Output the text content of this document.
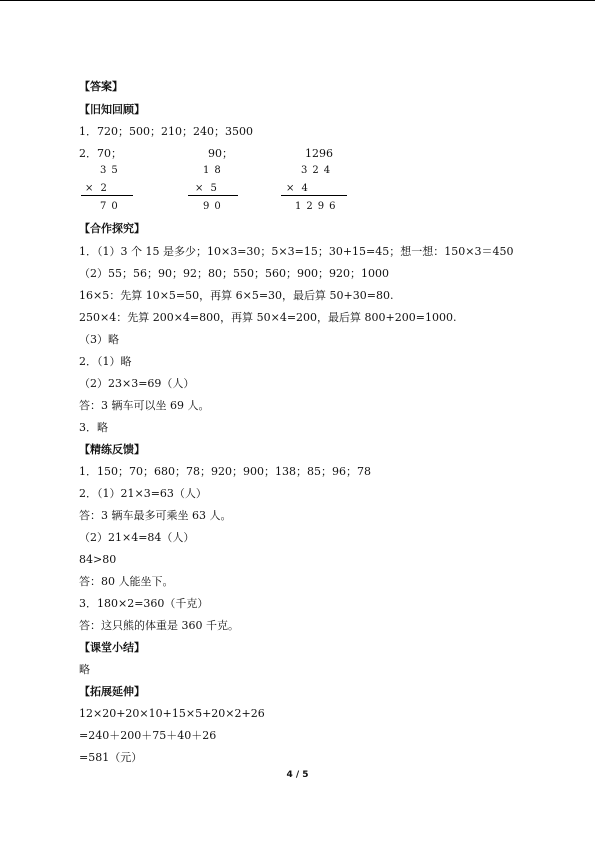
【答案】
【旧知回顾】
1．720；500；210；240；3500
2．70；	90；	1296
35
× 2
70
18
× 5
90
324
× 4
1296
【合作探究】
1．（1）3 个 15 是多少；10×3=30；5×3=15；30+15=45；想一想：150×3＝450
（2）55；56；90；92；80；550；560；900；920；1000
16×5：先算 10×5=50，再算 6×5=30，最后算 50+30=80.
250×4：先算 200×4=800，再算 50×4=200，最后算 800+200=1000.
（3）略
2．（1）略
（2）23×3=69（人）
答：3 辆车可以坐 69 人。
3．略
【精练反馈】
1．150；70；680；78；920；900；138；85；96；78
2．（1）21×3=63（人）
答：3 辆车最多可乘坐 63 人。
（2）21×4=84（人）
84>80
答：80 人能坐下。
3．180×2=360（千克）
答：这只熊的体重是 360 千克。
【课堂小结】
略
【拓展延伸】
12×20+20×10+15×5+20×2+26
=240＋200＋75＋40＋26
=581（元）
4 / 5
